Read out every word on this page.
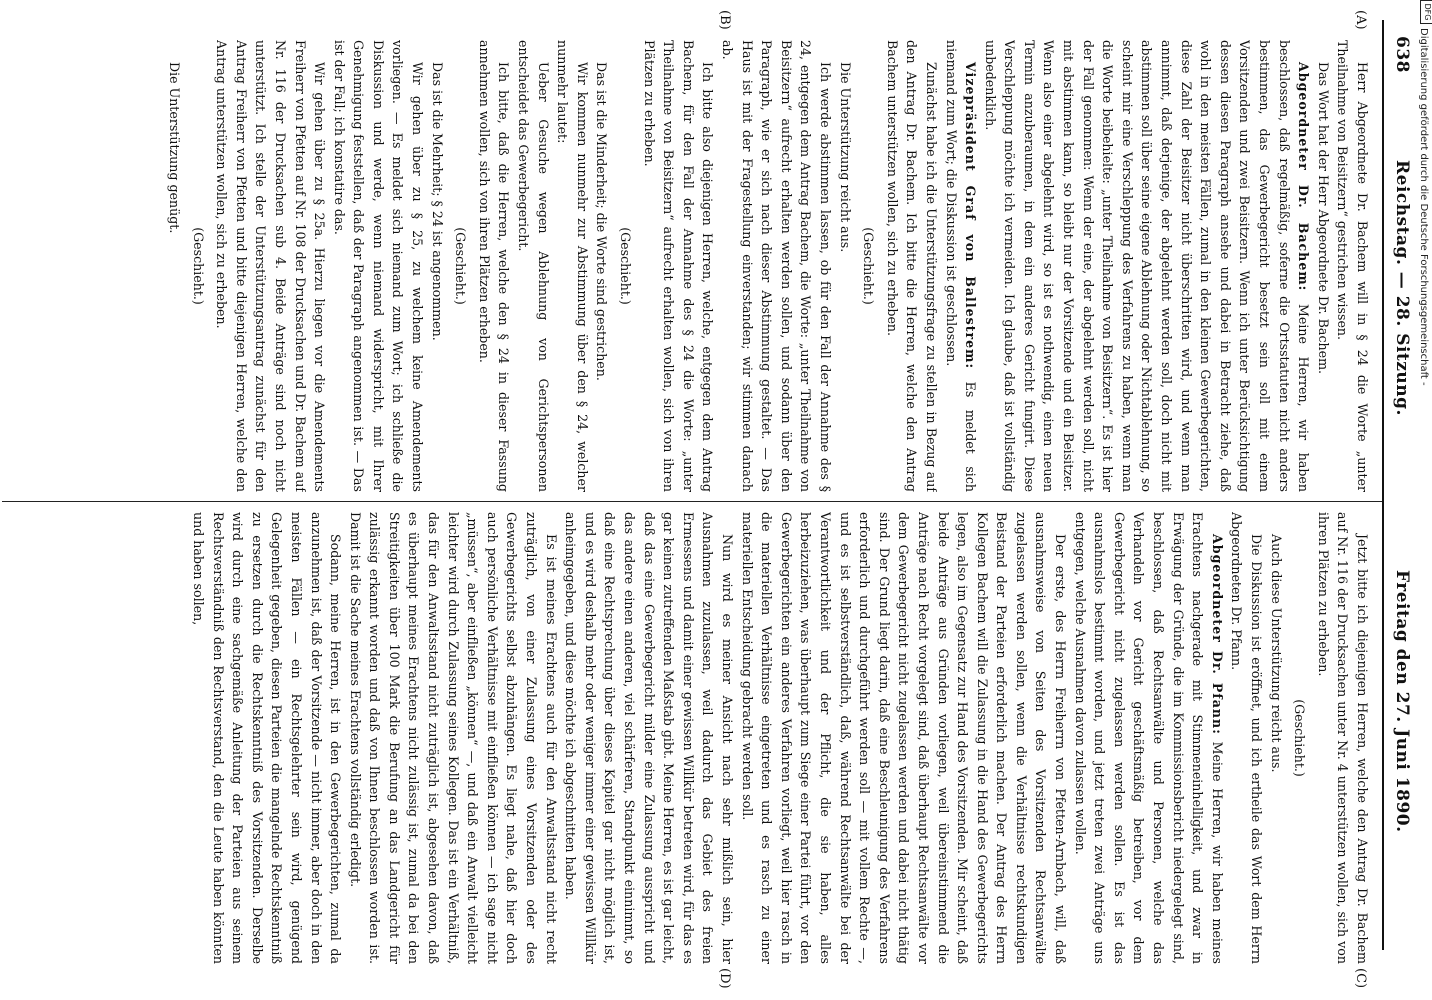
638
Reichstag. — 28. Sitzung.
Freitag den 27. Juni 1890.
(A)
(B)
(C)
(D)

Herr Abgeordnete Dr. Bachem will in § 24 die Worte „unter Theilnahme von Beisitzern“ gestrichen wissen.

Das Wort hat der Herr Abgeordnete Dr. Bachem.

Abgeordneter Dr. Bachem: Meine Herren, wir haben beschlossen, daß regelmäßig, soferne die Ortsstatuten nicht anders bestimmen, das Gewerbegericht besetzt sein soll mit einem Vorsitzenden und zwei Beisitzern. Wenn ich unter Berücksichtigung dessen diesen Paragraph ansehe und dabei in Betracht ziehe, daß wohl in den meisten Fällen, zumal in den kleinen Gewerbegerichten, diese Zahl der Beisitzer nicht überschritten wird, und wenn man annimmt, daß derjenige, der abgelehnt werden soll, doch nicht mit abstimmen soll über seine eigene Ablehnung oder Nichtablehnung, so scheint mir eine Verschleppung des Verfahrens zu haben, wenn man die Worte beibehielte: „unter Theilnahme von Beisitzern“. Es ist hier der Fall genommen: Wenn der eine, der abgelehnt werden soll, nicht mit abstimmen kann, so bleibt nur der Vorsitzende und ein Beisitzer. Wenn also einer abgelehnt wird, so ist es nothwendig, einen neuen Termin anzuberaumen, in dem ein anderes Gericht fungirt. Diese Verschleppung möchte ich vermeiden. Ich glaube, daß ist vollständig unbedenklich.

Vizepräsident Graf von Ballestrem: Es meldet sich niemand zum Wort; die Diskussion ist geschlossen.

Zunächst habe ich die Unterstützungsfrage zu stellen in Bezug auf den Antrag Dr. Bachem. Ich bitte die Herren, welche den Antrag Bachem unterstützen wollen, sich zu erheben.

(Geschieht.)

Die Unterstützung reicht aus.

Ich werde abstimmen lassen, ob für den Fall der Annahme des § 24, entgegen dem Antrag Bachem, die Worte: „unter Theilnahme von Beisitzern“ aufrecht erhalten werden sollen, und sodann über den Paragraph, wie er sich nach dieser Abstimmung gestaltet. — Das Haus ist mit der Fragestellung einverstanden; wir stimmen danach ab.

Ich bitte also diejenigen Herren, welche, entgegen dem Antrag Bachem, für den Fall der Annahme des § 24 die Worte: „unter Theilnahme von Beisitzern“ aufrecht erhalten wollen, sich von ihren Plätzen zu erheben.

(Geschieht.)

Das ist die Minderheit; die Worte sind gestrichen.

Wir kommen nunmehr zur Abstimmung über den § 24, welcher nunmehr lautet:

Ueber Gesuche wegen Ablehnung von Gerichtspersonen entscheidet das Gewerbegericht.

Ich bitte, daß die Herren, welche den § 24 in dieser Fassung annehmen wollen, sich von ihren Plätzen erheben.

(Geschieht.)

Das ist die Mehrheit; § 24 ist angenommen.

Wir gehen über zu § 25, zu welchem keine Amendements vorliegen. — Es meldet sich niemand zum Wort; ich schließe die Diskussion und werde, wenn niemand widerspricht, mit Ihrer Genehmigung feststellen, daß der Paragraph angenommen ist. — Das ist der Fall; ich konstatire das.

Wir gehen über zu § 25a. Hierzu liegen vor die Amendements Freiherr von Pfetten auf Nr. 108 der Drucksachen und Dr. Bachem auf Nr. 116 der Drucksachen sub 4. Beide Anträge sind noch nicht unterstützt. Ich stelle der Unterstützungsantrag zunächst für den Antrag Freiherr von Pfetten und bitte diejenigen Herren, welche den Antrag unterstützen wollen, sich zu erheben.

(Geschieht.)

Die Unterstützung genügt.

Jetzt bitte ich diejenigen Herren, welche den Antrag Dr. Bachem auf Nr. 116 der Drucksachen unter Nr. 4 unterstützen wollen, sich von ihren Plätzen zu erheben.

(Geschieht.)

Auch diese Unterstützung reicht aus.

Die Diskussion ist eröffnet, und ich ertheile das Wort dem Herrn Abgeordneten Dr. Pfann.

Abgeordneter Dr. Pfann: Meine Herren, wir haben meines Erachtens nachgerade mit Stimmeneinhelligkeit, und zwar in Erwägung der Gründe, die im Kommissionsbericht niedergelegt sind, beschlossen, daß Rechtsanwälte und Personen, welche das Verhandeln vor Gericht geschäftsmäßig betreiben, vor dem Gewerbegericht nicht zugelassen werden sollen. Es ist das ausnahmslos bestimmt worden, und jetzt treten zwei Anträge uns entgegen, welche Ausnahmen davon zulassen wollen.

Der erste, des Herrn Freiherrn von Pfetten-Arnbach, will, daß ausnahmsweise von Seiten des Vorsitzenden Rechtsanwälte zugelassen werden sollen, wenn die Verhältnisse rechtskundigen Beistand der Parteien erforderlich machen. Der Antrag des Herrn Kollegen Bachem will die Zulassung in die Hand des Gewerbegerichts legen, also im Gegensatz zur Hand des Vorsitzenden. Mir scheint, daß beide Anträge aus Gründen vorliegen, weil übereinstimmend die Anträge nach Recht vorgelegt sind, daß überhaupt Rechtsanwälte vor dem Gewerbegericht nicht zugelassen werden und dabei nicht thätig sind. Der Grund liegt darin, daß eine Beschleunigung des Verfahrens erforderlich und durchgeführt werden soll — mit vollem Rechte —, und es ist selbstverständlich, daß, während Rechtsanwälte bei der Verantwortlichkeit und der Pflicht, die sie haben, alles herbeizuziehen, was überhaupt zum Siege einer Partei führt, vor den Gewerbegerichten ein anderes Verfahren vorliegt, weil hier rasch in die materiellen Verhältnisse eingetreten und es rasch zu einer materiellen Entscheidung gebracht werden soll.

Nun wird es meiner Ansicht nach sehr mißlich sein, hier Ausnahmen zuzulassen, weil dadurch das Gebiet des freien Ermessens und damit einer gewissen Willkür betreten wird, für das es gar keinen zutreffenden Maßstab gibt. Meine Herren, es ist gar leicht, daß das eine Gewerbegericht milder eine Zulassung ausspricht und das andere einen anderen, viel schärferen, Standpunkt einnimmt, so daß eine Rechtsprechung über dieses Kapitel gar nicht möglich ist, und es wird deshalb mehr oder weniger immer einer gewissen Willkür anheimgegeben, und diese möchte ich abgeschnitten haben.

Es ist meines Erachtens auch für den Anwaltsstand nicht recht zuträglich, von einer Zulassung eines Vorsitzenden oder des Gewerbegerichts selbst abzuhängen. Es liegt nahe, daß hier doch auch persönliche Verhältnisse mit einfließen können — ich sage nicht „müssen“, aber einfließen „können“ —, und daß ein Anwalt vielleicht leichter wird durch Zulassung seines Kollegen. Das ist ein Verhältniß, das für den Anwaltsstand nicht zuträglich ist, abgesehen davon, daß es überhaupt meines Erachtens nicht zulässig ist, zumal da bei den Streitigkeiten über 100 Mark die Berufung an das Landgericht für zulässig erkannt worden und daß von Ihnen beschlossen worden ist. Damit ist die Sache meines Erachtens vollständig erledigt.

Sodann, meine Herren, ist in den Gewerbegerichten, zumal da anzunehmen ist, daß der Vorsitzende — nicht immer, aber doch in den meisten Fällen — ein Rechtsgelehrter sein wird, genügend Gelegenheit gegeben, diesen Parteien die mangelnde Rechtskenntniß zu ersetzen durch die Rechtskenntniß des Vorsitzenden. Derselbe wird durch eine sachgemäße Anleitung der Parteien aus seinem Rechtsverständniß den Rechtsverstand, den die Leute haben könnten und haben sollen,

DFG
Digitalisierung gefördert durch die Deutsche Forschungsgemeinschaft -
